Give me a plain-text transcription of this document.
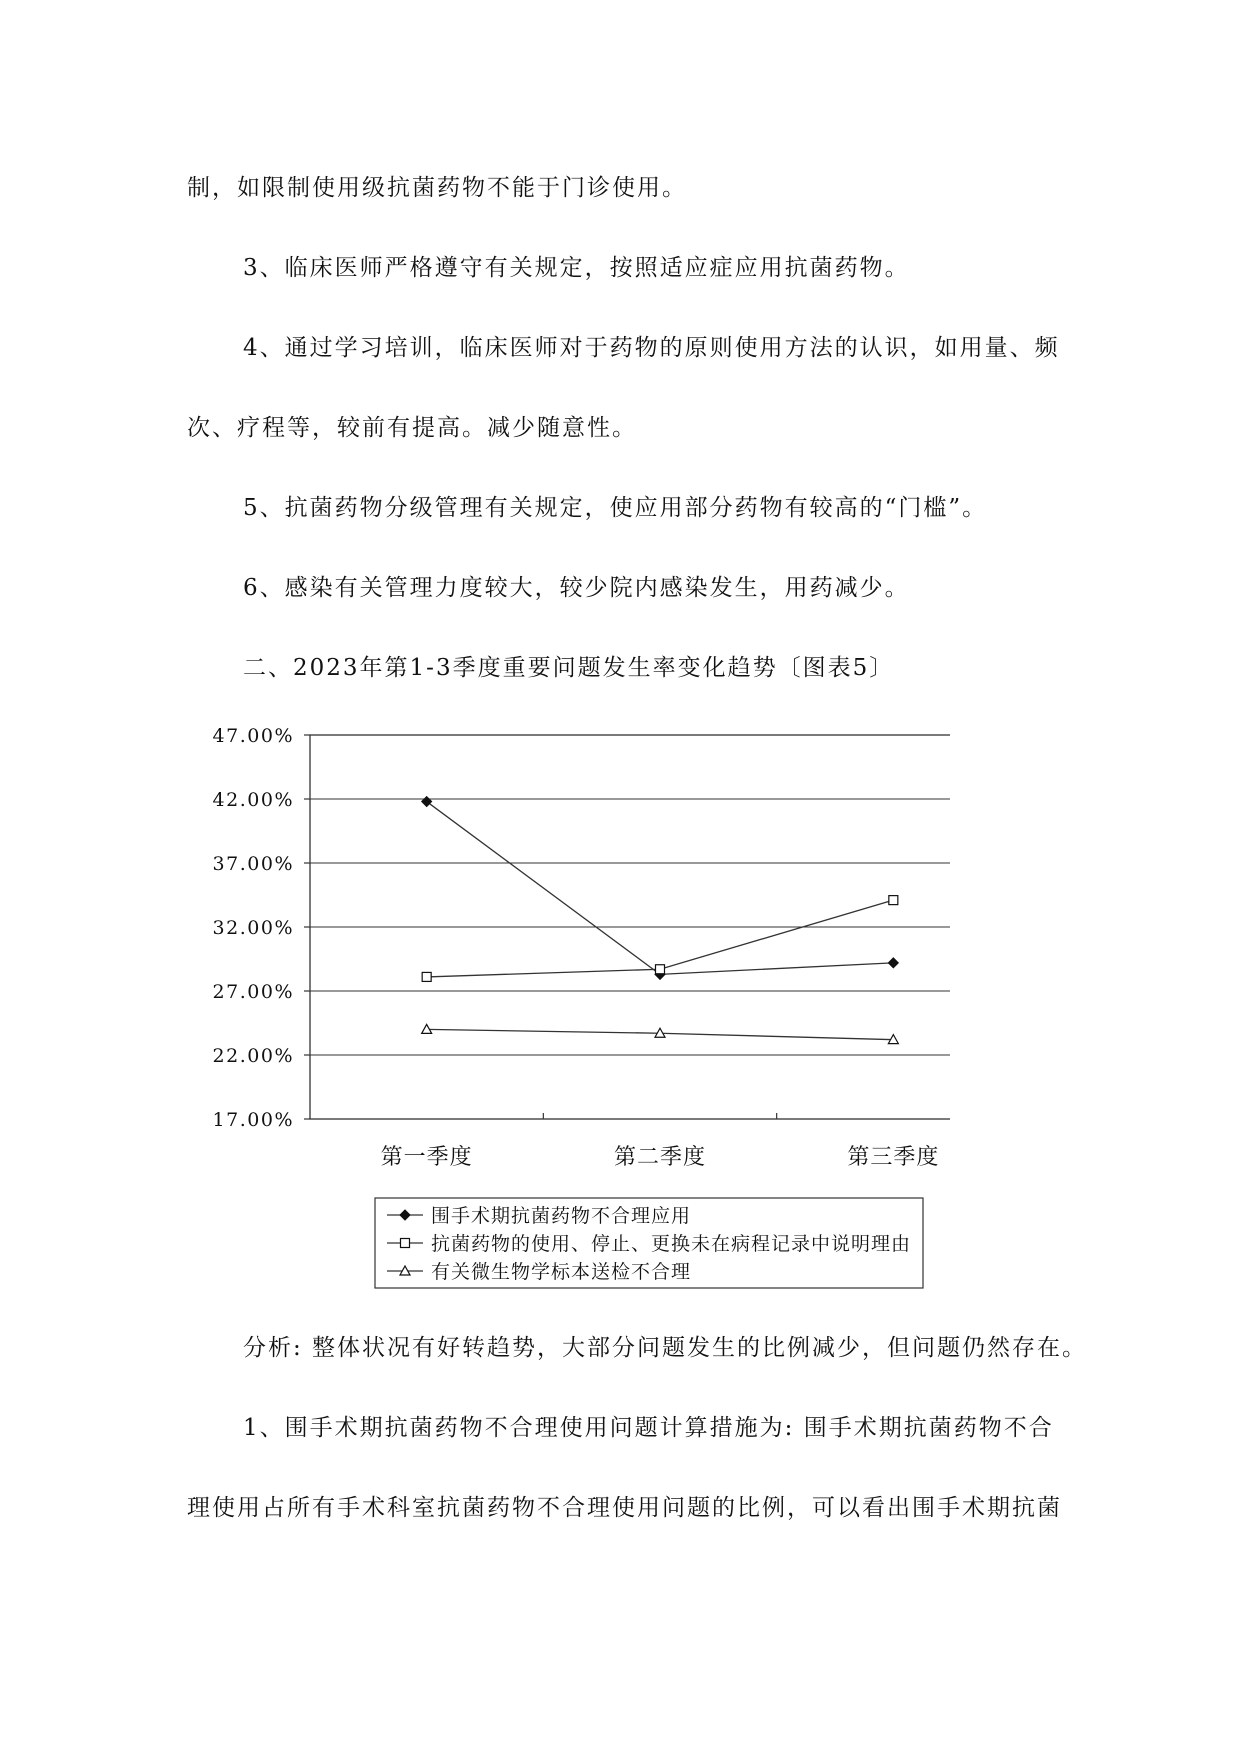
制，如限制使用级抗菌药物不能于门诊使用。
3、临床医师严格遵守有关规定，按照适应症应用抗菌药物。
4、通过学习培训，临床医师对于药物的原则使用方法的认识，如用量、频
次、疗程等，较前有提高。减少随意性。
5、抗菌药物分级管理有关规定，使应用部分药物有较高的“门槛”。
6、感染有关管理力度较大，较少院内感染发生，用药减少。
二、2023年第1-3季度重要问题发生率变化趋势〔图表5〕
47.00%
42.00%
37.00%
32.00%
27.00%
22.00%
17.00%
第一季度	第二季度	第三季度
围手术期抗菌药物不合理应用
抗菌药物的使用、停止、更换未在病程记录中说明理由
有关微生物学标本送检不合理
分析: 整体状况有好转趋势，大部分问题发生的比例减少，但问题仍然存在。
1、围手术期抗菌药物不合理使用问题计算措施为: 围手术期抗菌药物不合
理使用占所有手术科室抗菌药物不合理使用问题的比例，可以看出围手术期抗菌
